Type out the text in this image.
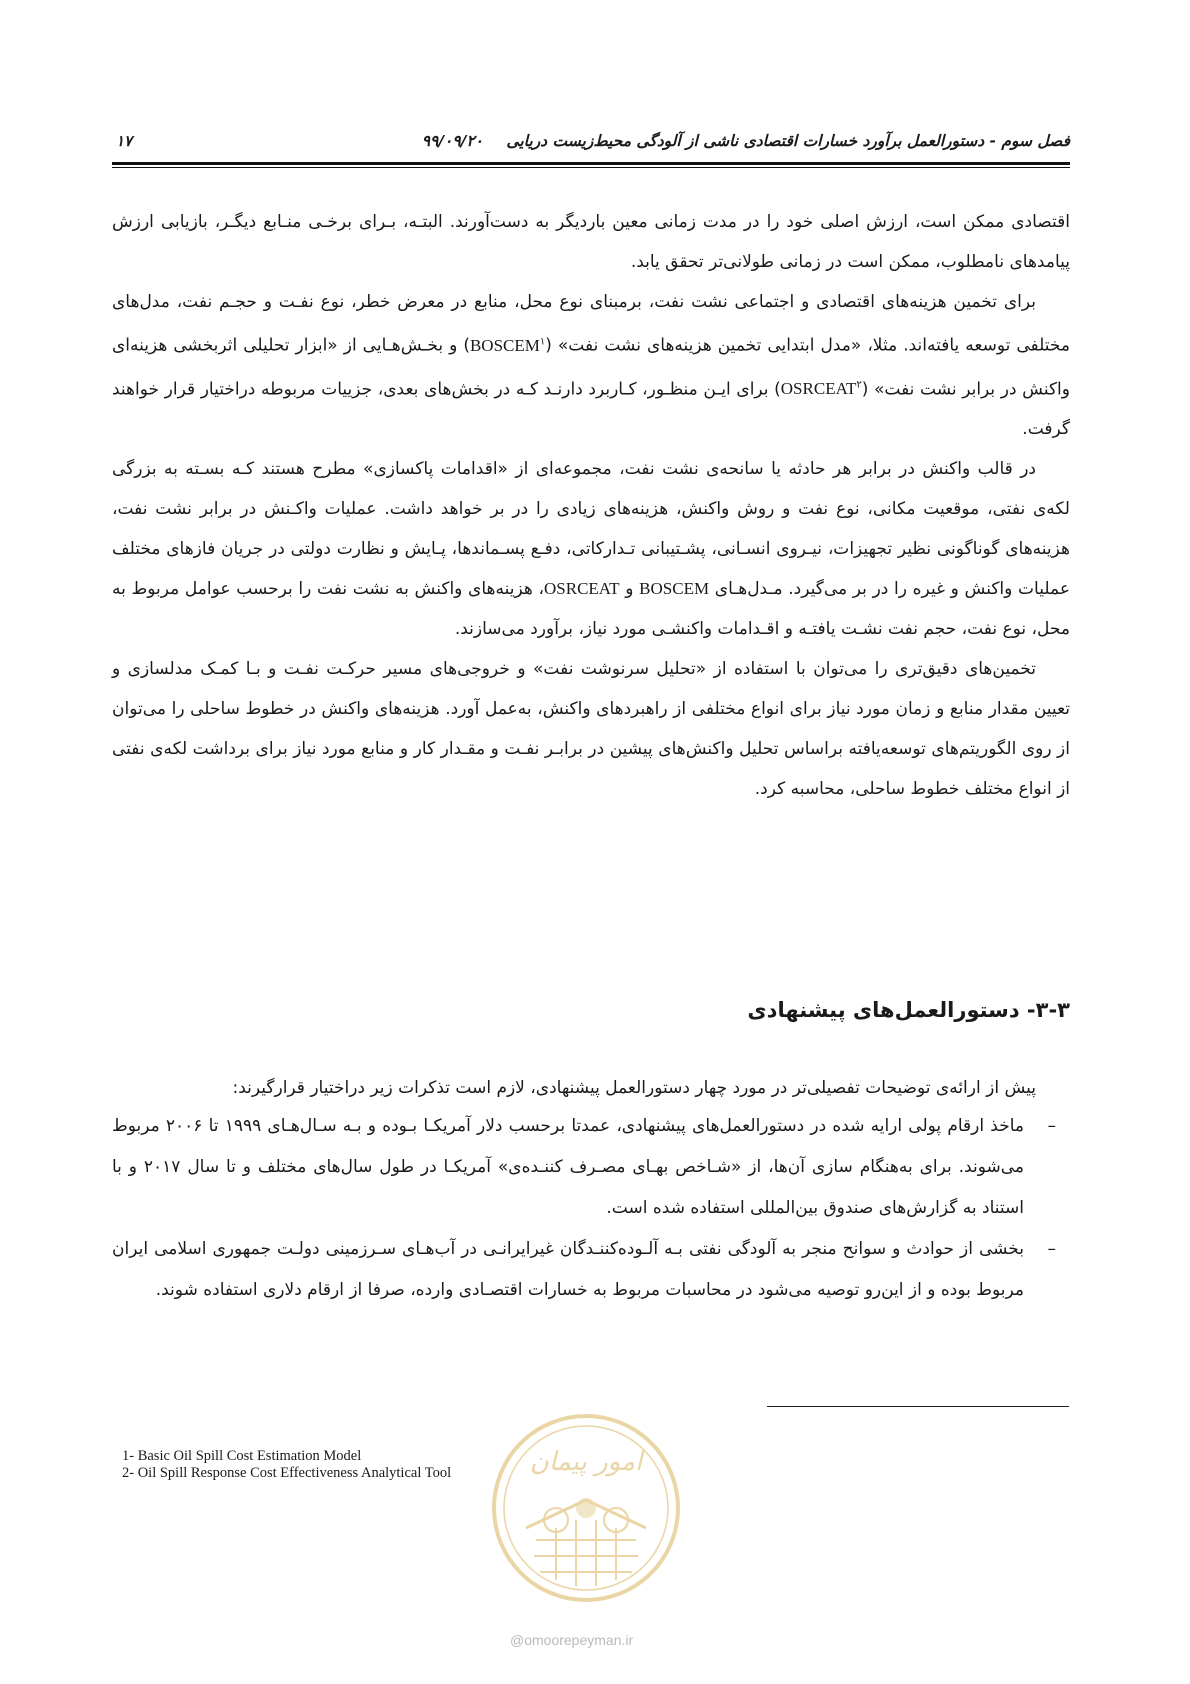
فصل سوم - دستورالعمل برآورد خسارات اقتصادی ناشی از آلودگی محیط‌زیست دریایی ۹۹/۰۹/۲۰
۱۷

اقتصادی ممکن است، ارزش اصلی خود را در مدت زمانی معین باردیگر به دست‌آورند. البتـه، بـرای برخـی منـابع دیگـر، بازیابی ارزش پیامدهای نامطلوب، ممکن است در زمانی طولانی‌تر تحقق یابد.

برای تخمین هزینه‌های اقتصادی و اجتماعی نشت نفت، برمبنای نوع محل، منابع در معرض خطر، نوع نفـت و حجـم نفت، مدل‌های مختلفی توسعه یافته‌اند. مثلا، «مدل ابتدایی تخمین هزینه‌های نشت نفت» (BOSCEM$^۱$) و بخـش‌هـایی از «ابزار تحلیلی اثربخشی هزینه‌ای واکنش در برابر نشت نفت» (OSRCEAT$^۲$) برای ایـن منظـور، کـاربرد دارنـد کـه در بخش‌های بعدی، جزییات مربوطه دراختیار قرار خواهند گرفت.

در قالب واکنش در برابر هر حادثه یا سانحه‌ی نشت نفت، مجموعه‌ای از «اقدامات پاکسازی» مطرح هستند کـه بسـته به بزرگی لکه‌ی نفتی، موقعیت مکانی، نوع نفت و روش واکنش، هزینه‌های زیادی را در بر خواهد داشت. عملیات واکـنش در برابر نشت نفت، هزینه‌های گوناگونی نظیر تجهیزات، نیـروی انسـانی، پشـتیبانی تـدارکاتی، دفـع پسـماندها، پـایش و نظارت دولتی در جریان فازهای مختلف عملیات واکنش و غیره را در بر می‌گیرد. مـدل‌هـای BOSCEM و OSRCEAT، هزینه‌های واکنش به نشت نفت را برحسب عوامل مربوط به محل، نوع نفت، حجم نفت نشـت یافتـه و اقـدامات واکنشـی مورد نیاز، برآورد می‌سازند.

تخمین‌های دقیق‌تری را می‌توان با استفاده از «تحلیل سرنوشت نفت» و خروجی‌های مسیر حرکـت نفـت و بـا کمـک مدلسازی و تعیین مقدار منابع و زمان مورد نیاز برای انواع مختلفی از راهبردهای واکنش، به‌عمل آورد. هزینه‌های واکنش در خطوط ساحلی را می‌توان از روی الگوریتم‌های توسعه‌یافته براساس تحلیل واکنش‌های پیشین در برابـر نفـت و مقـدار کار و منابع مورد نیاز برای برداشت لکه‌ی نفتی از انواع مختلف خطوط ساحلی، محاسبه کرد.

۳-۳- دستورالعمل‌های پیشنهادی
پیش از ارائه‌ی توضیحات تفصیلی‌تر در مورد چهار دستورالعمل پیشنهادی، لازم است تذکرات زیر دراختیار قرارگیرند:

–
ماخذ ارقام پولی ارایه شده در دستورالعمل‌های پیشنهادی، عمدتا برحسب دلار آمریکـا بـوده و بـه سـال‌هـای ۱۹۹۹ تا ۲۰۰۶ مربوط می‌شوند. برای به‌هنگام سازی آن‌ها، از «شـاخص بهـای مصـرف کننـده‌ی» آمریکـا در طول سال‌های مختلف و تا سال ۲۰۱۷ و با استناد به گزارش‌های صندوق بین‌المللی استفاده شده است.

–
بخشی از حوادث و سوانح منجر به آلودگی نفتی بـه آلـوده‌کننـدگان غیرایرانـی در آب‌هـای سـرزمینی دولـت جمهوری اسلامی ایران مربوط بوده و از این‌رو توصیه می‌شود در محاسبات مربوط به خسارات اقتصـادی وارده، صرفا از ارقام دلاری استفاده شوند.

1- Basic Oil Spill Cost Estimation Model
2- Oil Spill Response Cost Effectiveness Analytical Tool	امور پیمان
@omoorepeyman.ir
